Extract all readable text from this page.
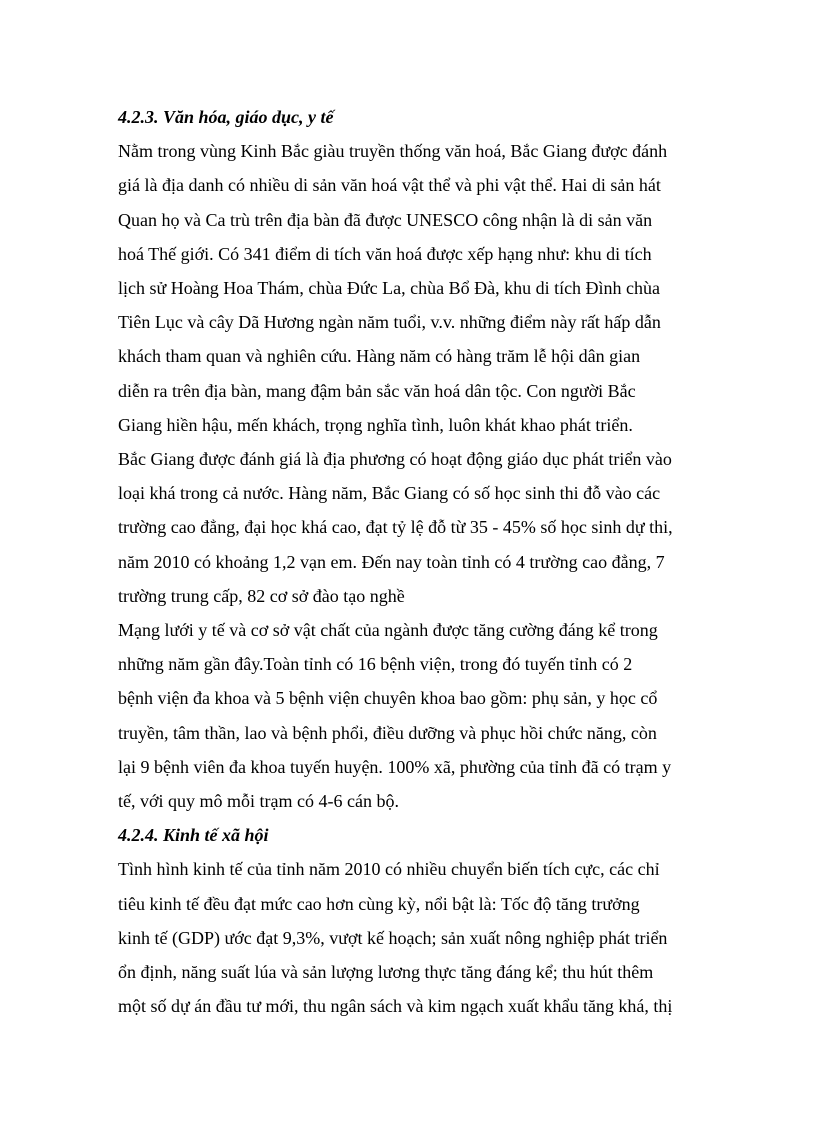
4.2.3. Văn hóa, giáo dục, y tế

Nằm trong vùng Kinh Bắc giàu truyền thống văn hoá, Bắc Giang được đánh

giá là địa danh có nhiều di sản văn hoá vật thể và phi vật thể. Hai di sản hát

Quan họ và Ca trù trên địa bàn đã được UNESCO công nhận là di sản văn

hoá Thế giới. Có 341 điểm di tích văn hoá được xếp hạng như: khu di tích

lịch sử Hoàng Hoa Thám, chùa Đức La, chùa Bổ Đà, khu di tích Đình chùa

Tiên Lục và cây Dã Hương ngàn năm tuổi, v.v. những điểm này rất hấp dẫn

khách tham quan và nghiên cứu. Hàng năm có hàng trăm lễ hội dân gian

diễn ra trên địa bàn, mang đậm bản sắc văn hoá dân tộc. Con người Bắc

Giang hiền hậu, mến khách, trọng nghĩa tình, luôn khát khao phát triển.

Bắc Giang được đánh giá là địa phương có hoạt động giáo dục phát triển vào

loại khá trong cả nước. Hàng năm, Bắc Giang có số học sinh thi đỗ vào các

trường cao đẳng, đại học khá cao, đạt tỷ lệ đỗ từ 35 - 45% số học sinh dự thi,

năm 2010 có khoảng 1,2 vạn em. Đến nay toàn tỉnh có 4 trường cao đẳng, 7

trường trung cấp, 82 cơ sở đào tạo nghề

Mạng lưới y tế và cơ sở vật chất của ngành được tăng cường đáng kể trong

những năm gần đây.Toàn tỉnh có 16 bệnh viện, trong đó tuyến tỉnh có 2

bệnh viện đa khoa và 5 bệnh viện chuyên khoa bao gồm: phụ sản, y học cổ

truyền, tâm thần, lao và bệnh phổi, điều dưỡng và phục hồi chức năng, còn

lại 9 bệnh viên đa khoa tuyến huyện. 100% xã, phường của tỉnh đã có trạm y

tế, với quy mô mỗi trạm có 4-6 cán bộ.

4.2.4. Kinh tế xã hội

Tình hình kinh tế của tỉnh năm 2010 có nhiều chuyển biến tích cực, các chỉ

tiêu kinh tế đều đạt mức cao hơn cùng kỳ, nổi bật là: Tốc độ tăng trưởng

kinh tế (GDP) ước đạt 9,3%, vượt kế hoạch; sản xuất nông nghiệp phát triển

ổn định, năng suất lúa và sản lượng lương thực tăng đáng kể; thu hút thêm

một số dự án đầu tư mới, thu ngân sách và kim ngạch xuất khẩu tăng khá, thị
